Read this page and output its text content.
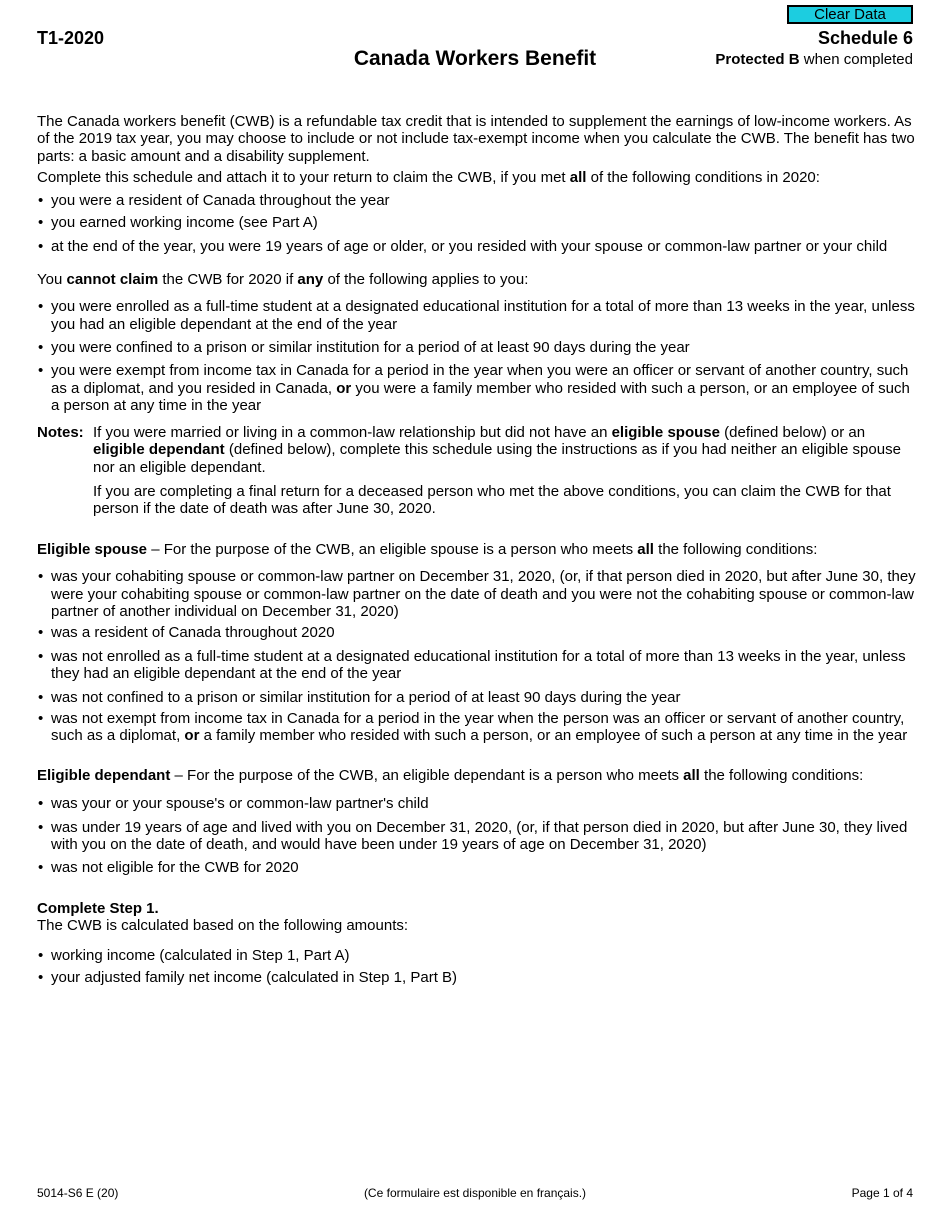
Clear Data
T1-2020
Canada Workers Benefit
Schedule 6
Protected B when completed

The Canada workers benefit (CWB) is a refundable tax credit that is intended to supplement the earnings of low-income workers. As of the 2019 tax year, you may choose to include or not include tax-exempt income when you calculate the CWB. The benefit has two parts: a basic amount and a disability supplement.

Complete this schedule and attach it to your return to claim the CWB, if you met all of the following conditions in 2020:

• you were a resident of Canada throughout the year
• you earned working income (see Part A)
• at the end of the year, you were 19 years of age or older, or you resided with your spouse or common-law partner or your child

You cannot claim the CWB for 2020 if any of the following applies to you:

• you were enrolled as a full-time student at a designated educational institution for a total of more than 13 weeks in the year, unless you had an eligible dependant at the end of the year
• you were confined to a prison or similar institution for a period of at least 90 days during the year
• you were exempt from income tax in Canada for a period in the year when you were an officer or servant of another country, such as a diplomat, and you resided in Canada, or you were a family member who resided with such a person, or an employee of such a person at any time in the year
Notes: If you were married or living in a common-law relationship but did not have an eligible spouse (defined below) or an eligible dependant (defined below), complete this schedule using the instructions as if you had neither an eligible spouse nor an eligible dependant.

If you are completing a final return for a deceased person who met the above conditions, you can claim the CWB for that person if the date of death was after June 30, 2020.

Eligible spouse – For the purpose of the CWB, an eligible spouse is a person who meets all the following conditions:

• was your cohabiting spouse or common-law partner on December 31, 2020, (or, if that person died in 2020, but after June 30, they were your cohabiting spouse or common-law partner on the date of death and you were not the cohabiting spouse or common-law partner of another individual on December 31, 2020)
• was a resident of Canada throughout 2020
• was not enrolled as a full-time student at a designated educational institution for a total of more than 13 weeks in the year, unless they had an eligible dependant at the end of the year
• was not confined to a prison or similar institution for a period of at least 90 days during the year
• was not exempt from income tax in Canada for a period in the year when the person was an officer or servant of another country, such as a diplomat, or a family member who resided with such a person, or an employee of such a person at any time in the year

Eligible dependant – For the purpose of the CWB, an eligible dependant is a person who meets all the following conditions:

• was your or your spouse's or common-law partner's child
• was under 19 years of age and lived with you on December 31, 2020, (or, if that person died in 2020, but after June 30, they lived with you on the date of death, and would have been under 19 years of age on December 31, 2020)
• was not eligible for the CWB for 2020

Complete Step 1.

The CWB is calculated based on the following amounts:

• working income (calculated in Step 1, Part A)
• your adjusted family net income (calculated in Step 1, Part B)
5014-S6 E (20)	(Ce formulaire est disponible en français.)	Page 1 of 4
